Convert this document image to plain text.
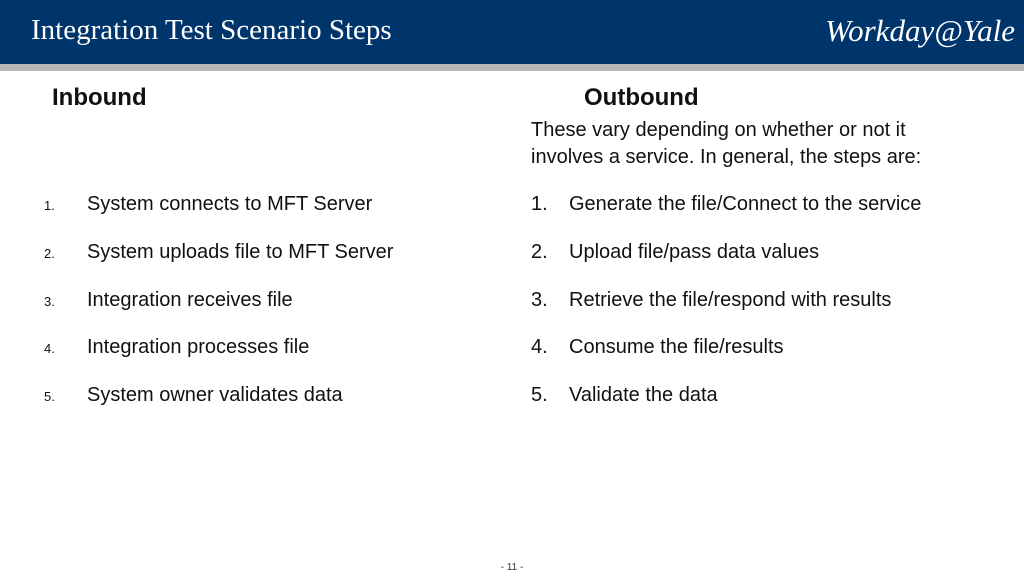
Integration Test Scenario Steps	Workday@Yale
Inbound	Outbound
These vary depending on whether or not it involves a service. In general, the steps are:
1. System connects to MFT Server
2. System uploads file to MFT Server
3. Integration receives file
4. Integration processes file
5. System owner validates data
1. Generate the file/Connect to the service
2. Upload file/pass data values
3. Retrieve the file/respond with results
4. Consume the file/results
5. Validate the data
- 11 -
